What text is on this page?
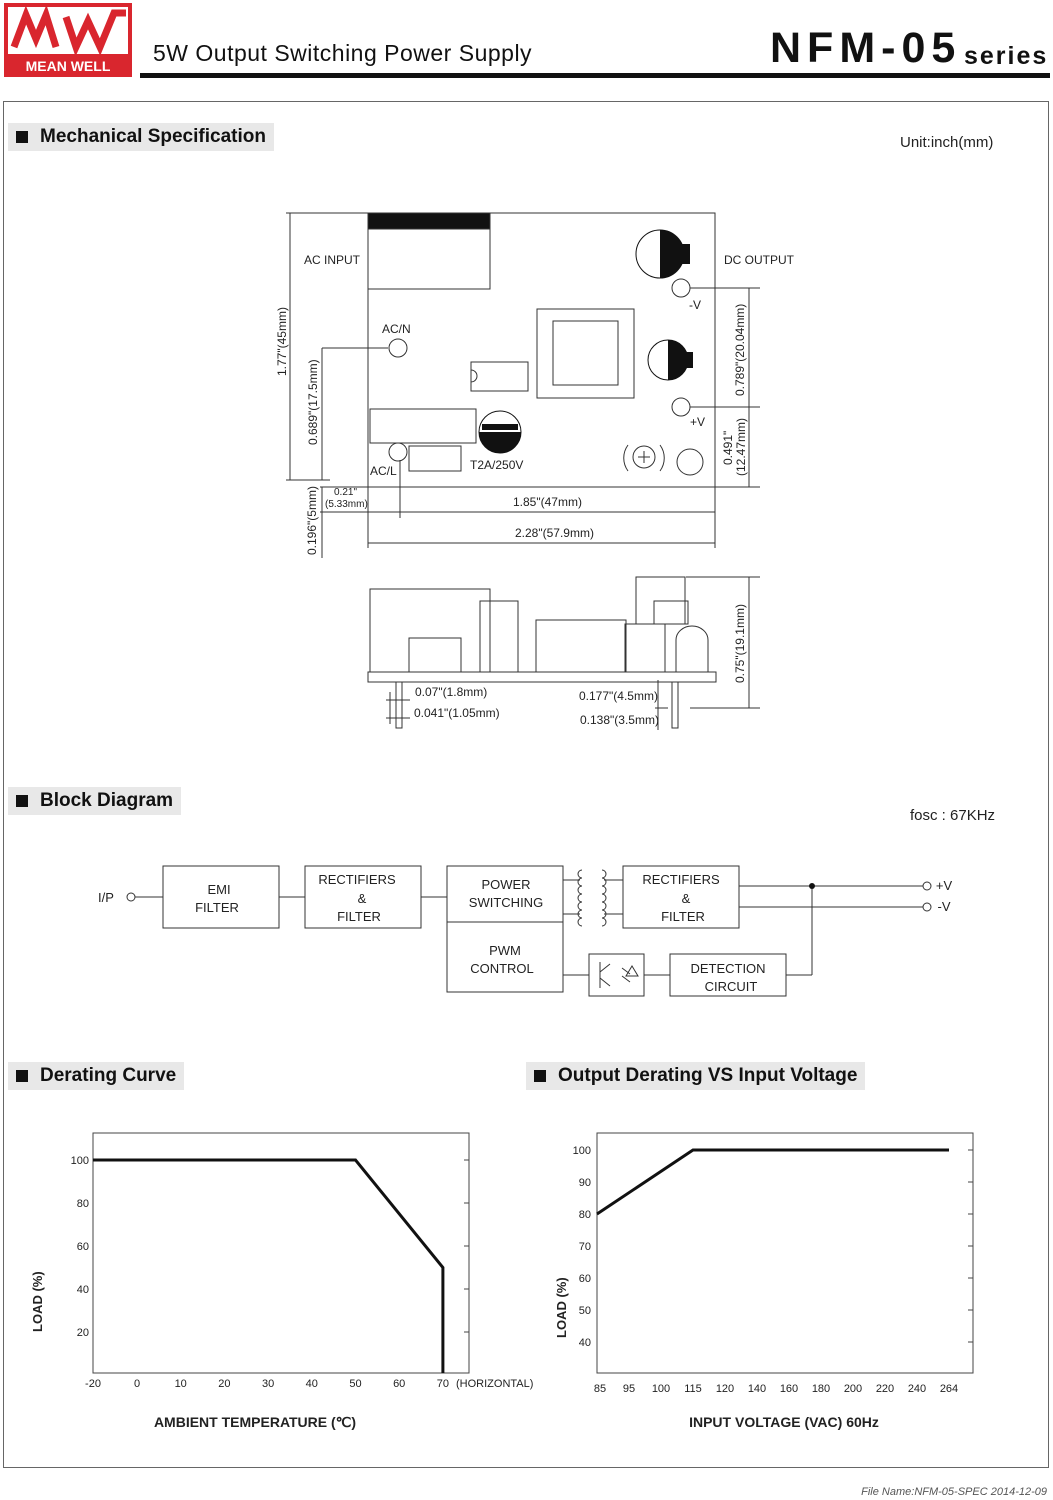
MEAN WELL 5W Output Switching Power Supply	NFM-05 series
Mechanical Specification	Unit:inch(mm)
AC INPUT	DC OUTPUT
AC/N
AC/L
-V
+V
T2A/250V
1.77"(45mm)
0.689"(17.5mm)
0.196"(5mm)
0.789"(20.04mm)
0.491" (12.47mm)
0.75"(19.1mm)
1.85"(47mm)
2.28"(57.9mm)
0.07"(1.8mm)
0.041"(1.05mm)
0.177"(4.5mm)
0.138"(3.5mm)
0.21"
(5.33mm)
Block Diagram
fosc : 67KHz
I/P
EMI
FILTER
RECTIFIERS
&
FILTER
POWER
SWITCHING
PWM
CONTROL
RECTIFIERS
&
FILTER
DETECTION
CIRCUIT
+V
-V
Derating Curve	Output Derating VS Input Voltage
100
80
60
40
20
-20	0	10	20	30	40	50	60	70 (HORIZONTAL)
LOAD (%)
AMBIENT TEMPERATURE (℃)
100
90
80
70
60
50
40
85 95 100 115 120 140 160 180 200 220 240 264
LOAD (%)
INPUT VOLTAGE (VAC) 60Hz
File Name:NFM-05-SPEC 2014-12-09
